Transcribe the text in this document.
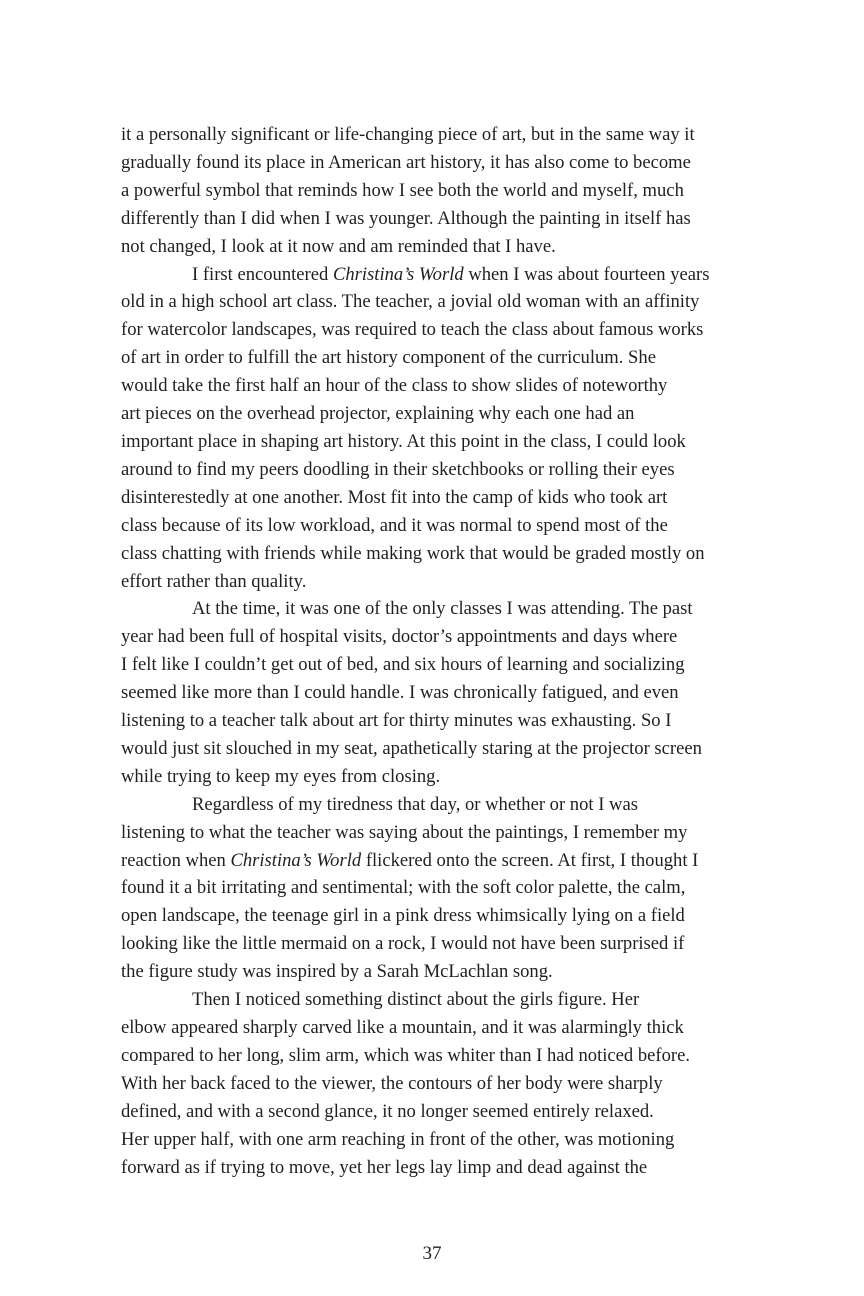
it a personally significant or life-changing piece of art, but in the same way it
gradually found its place in American art history, it has also come to become
a powerful symbol that reminds how I see both the world and myself, much
differently than I did when I was younger. Although the painting in itself has
not changed, I look at it now and am reminded that I have.
I first encountered Christina’s World when I was about fourteen years
old in a high school art class. The teacher, a jovial old woman with an affinity
for watercolor landscapes, was required to teach the class about famous works
of art in order to fulfill the art history component of the curriculum. She
would take the first half an hour of the class to show slides of noteworthy
art pieces on the overhead projector, explaining why each one had an
important place in shaping art history. At this point in the class, I could look
around to find my peers doodling in their sketchbooks or rolling their eyes
disinterestedly at one another. Most fit into the camp of kids who took art
class because of its low workload, and it was normal to spend most of the
class chatting with friends while making work that would be graded mostly on
effort rather than quality.
At the time, it was one of the only classes I was attending. The past
year had been full of hospital visits, doctor’s appointments and days where
I felt like I couldn’t get out of bed, and six hours of learning and socializing
seemed like more than I could handle. I was chronically fatigued, and even
listening to a teacher talk about art for thirty minutes was exhausting. So I
would just sit slouched in my seat, apathetically staring at the projector screen
while trying to keep my eyes from closing.
Regardless of my tiredness that day, or whether or not I was
listening to what the teacher was saying about the paintings, I remember my
reaction when Christina’s World flickered onto the screen. At first, I thought I
found it a bit irritating and sentimental; with the soft color palette, the calm,
open landscape, the teenage girl in a pink dress whimsically lying on a field
looking like the little mermaid on a rock, I would not have been surprised if
the figure study was inspired by a Sarah McLachlan song.
Then I noticed something distinct about the girls figure. Her
elbow appeared sharply carved like a mountain, and it was alarmingly thick
compared to her long, slim arm, which was whiter than I had noticed before.
With her back faced to the viewer, the contours of her body were sharply
defined, and with a second glance, it no longer seemed entirely relaxed.
Her upper half, with one arm reaching in front of the other, was motioning
forward as if trying to move, yet her legs lay limp and dead against the
37
